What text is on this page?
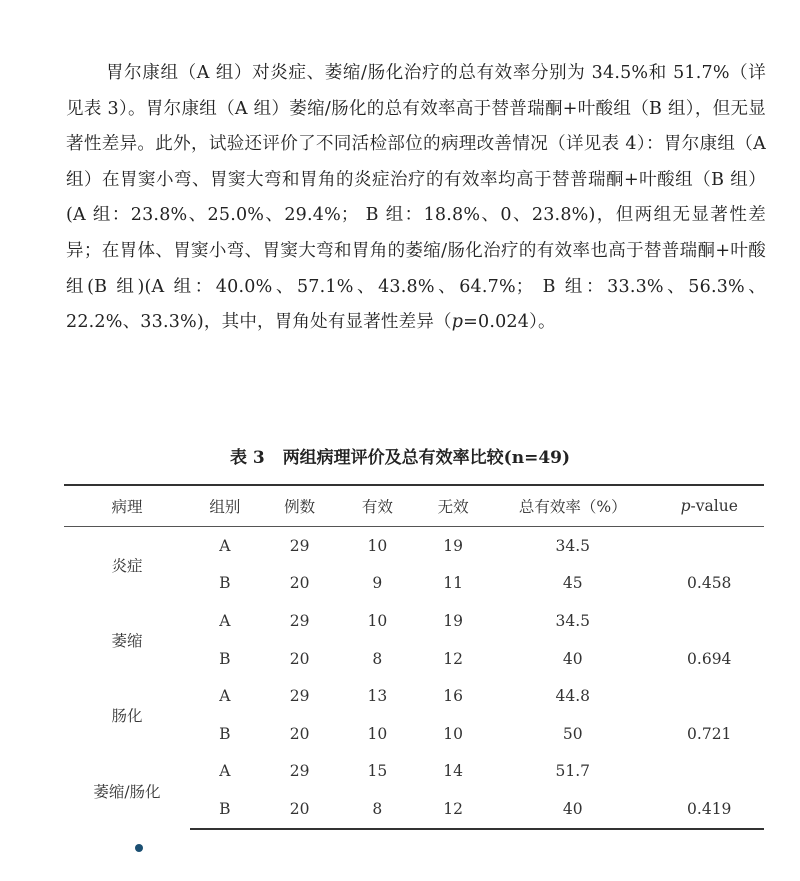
胃尔康组（A 组）对炎症、萎缩/肠化治疗的总有效率分别为 34.5%和 51.7%（详见表 3）。胃尔康组（A 组）萎缩/肠化的总有效率高于替普瑞酮+叶酸组（B 组），但无显著性差异。此外，试验还评价了不同活检部位的病理改善情况（详见表 4）：胃尔康组（A 组）在胃窦小弯、胃窦大弯和胃角的炎症治疗的有效率均高于替普瑞酮+叶酸组（B 组）(A 组：23.8%、25.0%、29.4%； B 组：18.8%、0、23.8%)，但两组无显著性差异；在胃体、胃窦小弯、胃窦大弯和胃角的萎缩/肠化治疗的有效率也高于替普瑞酮+叶酸组(B 组)(A 组：40.0%、57.1%、43.8%、64.7%； B 组：33.3%、56.3%、22.2%、33.3%)，其中，胃角处有显著性差异（p=0.024）。

表 3 两组病理评价及总有效率比较(n=49)

病理	组别	例数	有效	无效	总有效率（%）	p-value
炎症	A	29	10	19	34.5	
	B	20	9	11	45	0.458
萎缩	A	29	10	19	34.5	
	B	20	8	12	40	0.694
肠化	A	29	13	16	44.8	
	B	20	10	10	50	0.721
萎缩/肠化	A	29	15	14	51.7	
	B	20	8	12	40	0.419
